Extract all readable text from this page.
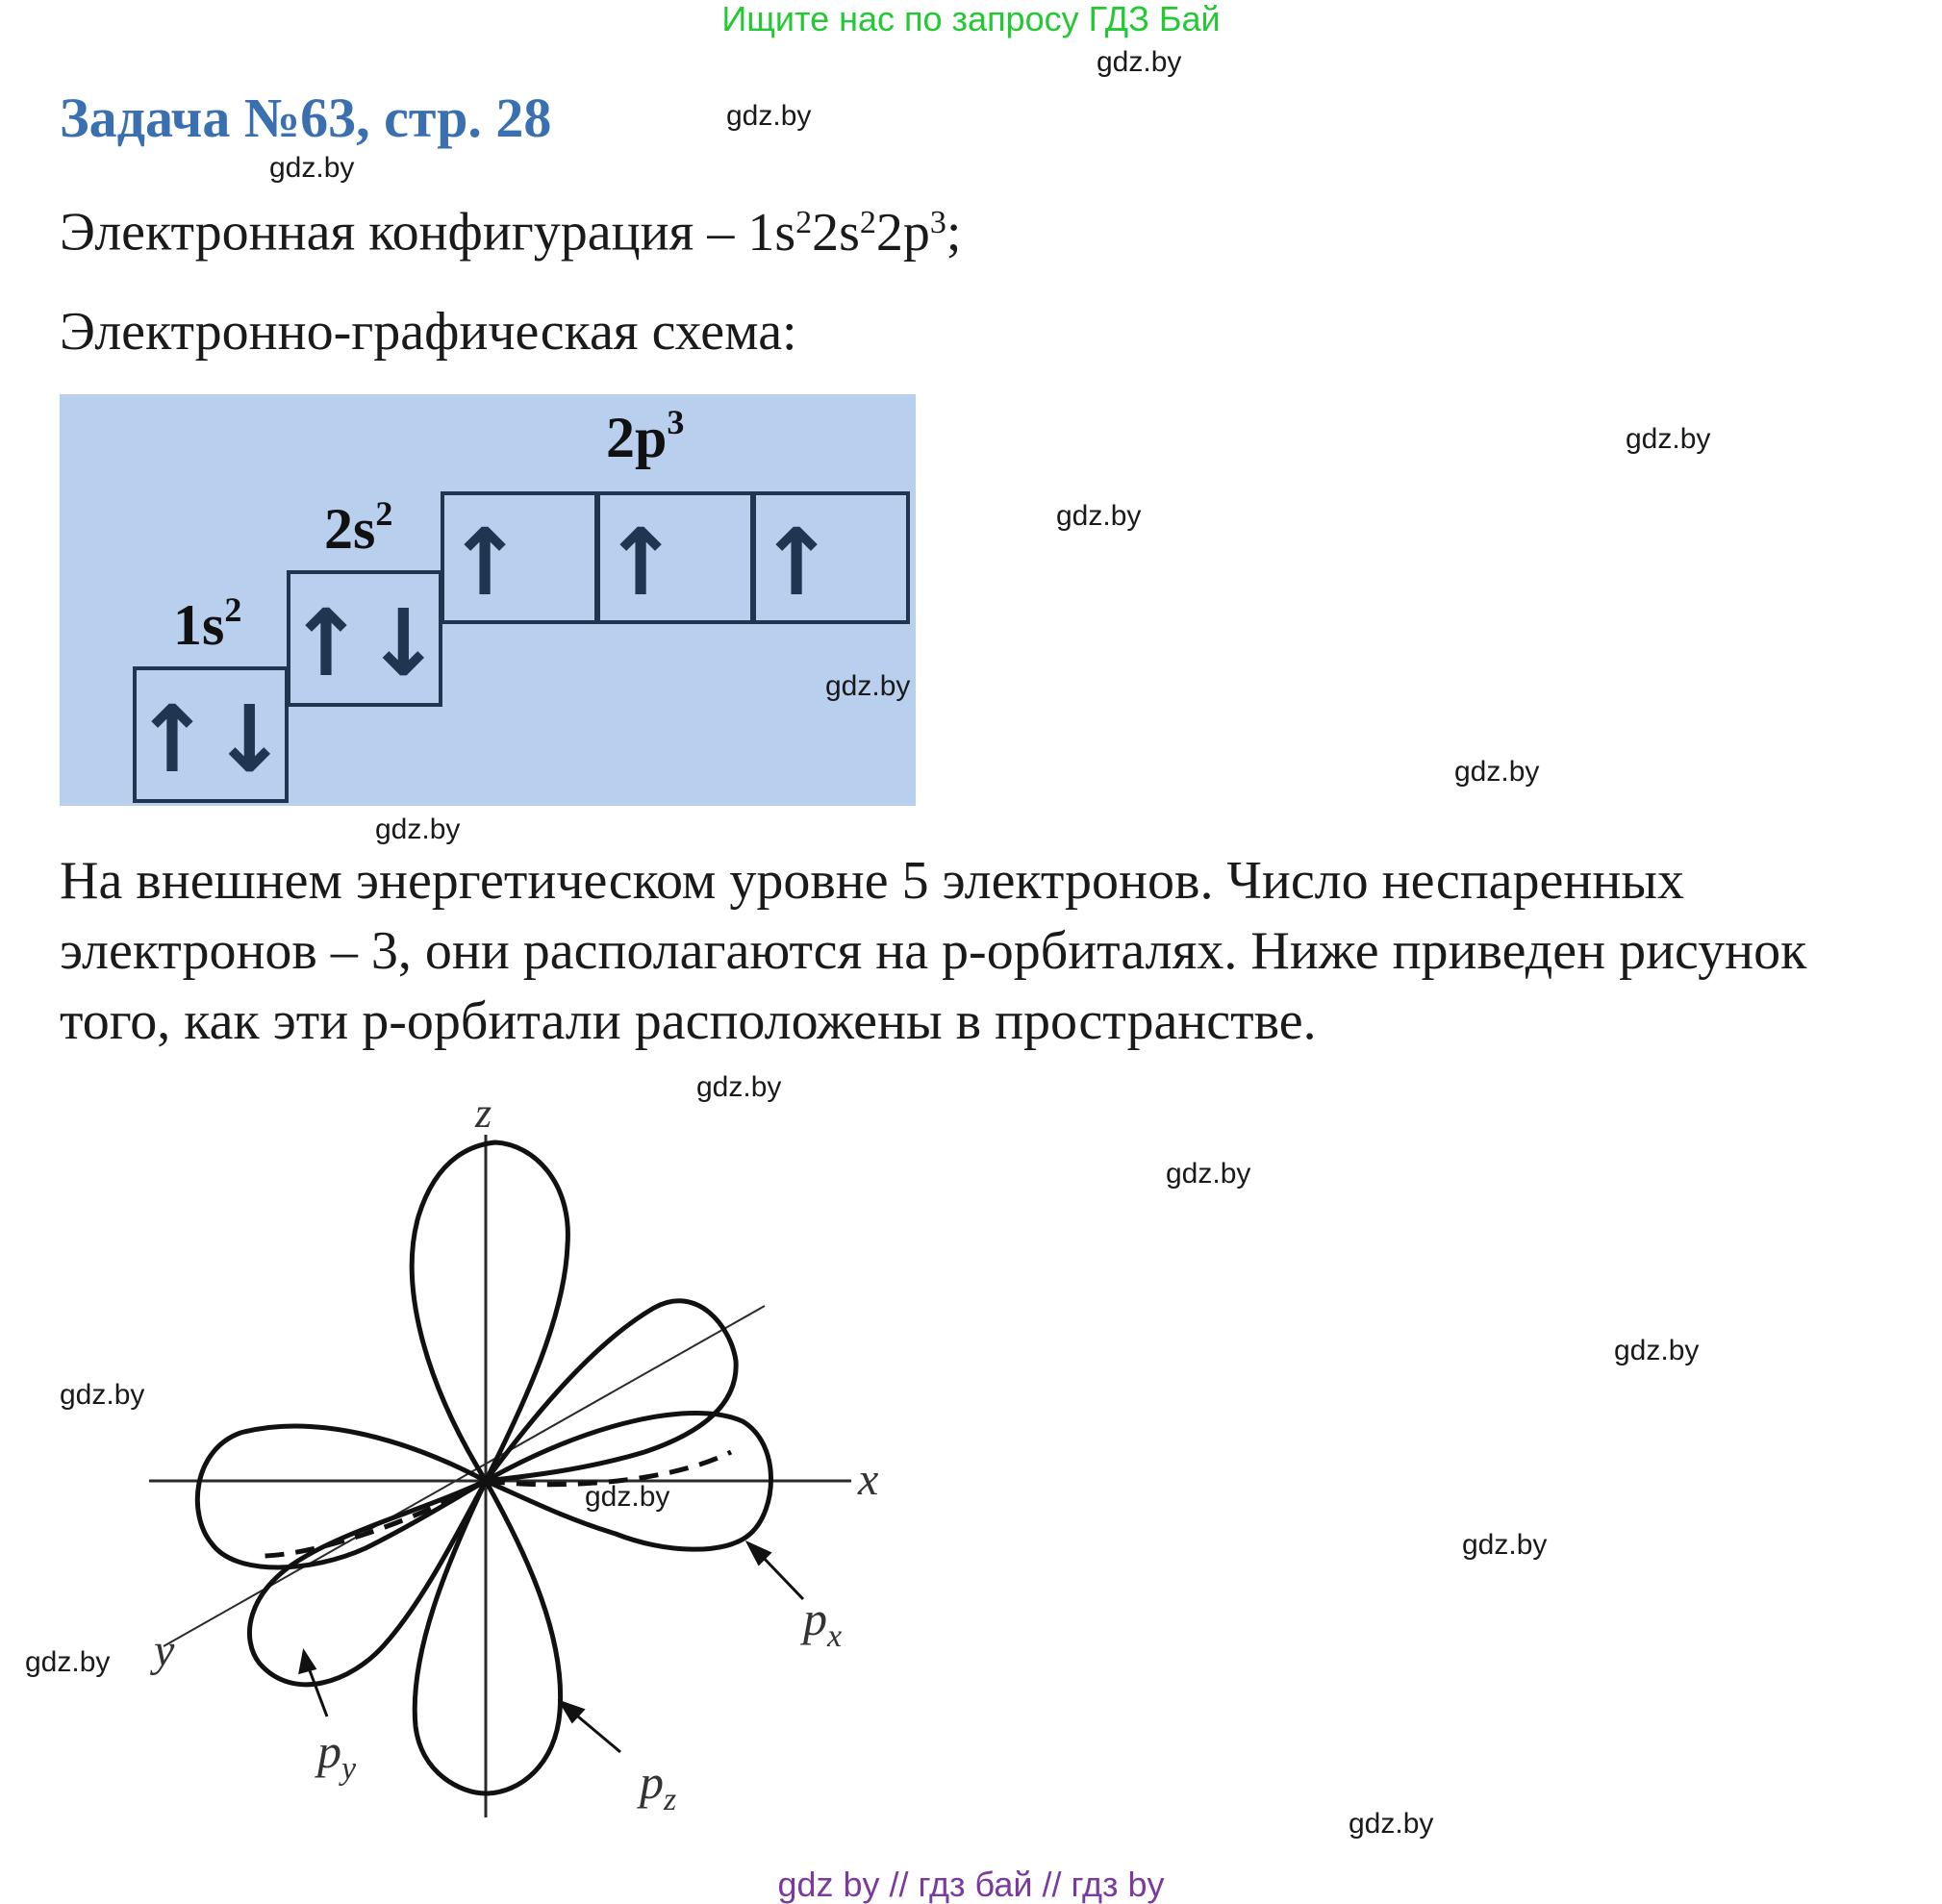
Ищите нас по запросу ГДЗ Бай
Задача №63, стр. 28
Электронная конфигурация – $1s^22s^22p^3$;
Электронно-графическая схема:
$1s^2$
$2s^2$
$2p^3$
↑↓
↑↓
↑ ↑ ↑
На внешнем энергетическом уровне 5 электронов. Число неспаренных
электронов – 3, они располагаются на p-орбиталях. Ниже приведен рисунок
того, как эти p-орбитали расположены в пространстве.
z
x
y
$p_x$
$p_y$	$p_z$
gdz.by
gdz.by
gdz.by
gdz.by
gdz.by
gdz.by
gdz.by
gdz.by
gdz.by
gdz.by
gdz.by
gdz.by
gdz.by
gdz.by
gdz.by
gdz.by
gdz by // гдз бай // гдз by
